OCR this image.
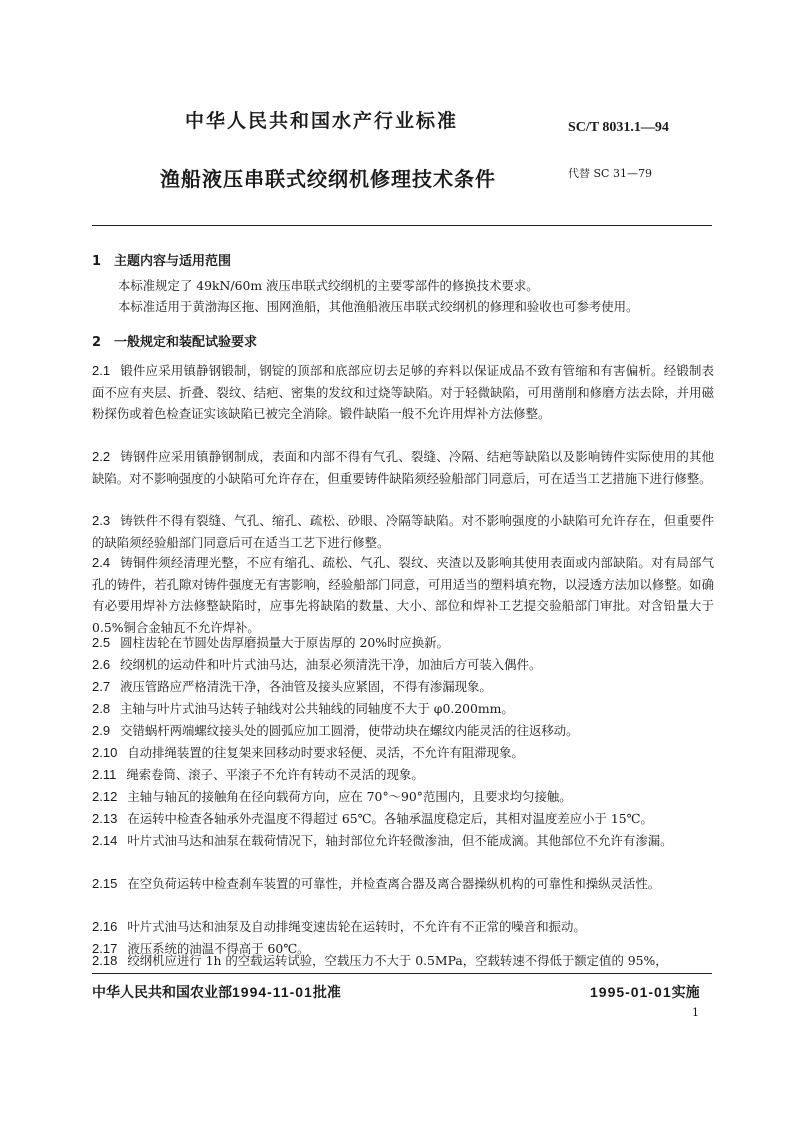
中华人民共和国水产行业标准	SC/T 8031.1—94
渔船液压串联式绞纲机修理技术条件	代替 SC 31—79
1 主题内容与适用范围
本标准规定了 49kN/60m 液压串联式绞纲机的主要零部件的修换技术要求。
本标准适用于黄渤海区拖、围网渔船，其他渔船液压串联式绞纲机的修理和验收也可参考使用。
2 一般规定和装配试验要求
2.1 锻件应采用镇静钢锻制，钢锭的顶部和底部应切去足够的弃料以保证成品不致有管缩和有害偏析。经锻制表面不应有夹层、折叠、裂纹、结疤、密集的发纹和过烧等缺陷。对于轻微缺陷，可用凿削和修磨方法去除，并用磁粉探伤或着色检查证实该缺陷已被完全消除。锻件缺陷一般不允许用焊补方法修整。
2.2 铸钢件应采用镇静钢制成，表面和内部不得有气孔、裂缝、冷隔、结疤等缺陷以及影响铸件实际使用的其他缺陷。对不影响强度的小缺陷可允许存在，但重要铸件缺陷须经验船部门同意后，可在适当工艺措施下进行修整。
2.3 铸铁件不得有裂缝、气孔、缩孔、疏松、砂眼、冷隔等缺陷。对不影响强度的小缺陷可允许存在，但重要件的缺陷须经验船部门同意后可在适当工艺下进行修整。
2.4 铸铜件须经清理光整，不应有缩孔、疏松、气孔、裂纹、夹渣以及影响其使用表面或内部缺陷。对有局部气孔的铸件，若孔隙对铸件强度无有害影响，经验船部门同意，可用适当的塑料填充物，以浸透方法加以修整。如确有必要用焊补方法修整缺陷时，应事先将缺陷的数量、大小、部位和焊补工艺提交验船部门审批。对含铅量大于 0.5%铜合金轴瓦不允许焊补。
2.5 圆柱齿轮在节圆处齿厚磨损量大于原齿厚的 20%时应换新。
2.6 绞纲机的运动件和叶片式油马达，油泵必须清洗干净，加油后方可装入偶件。
2.7 液压管路应严格清洗干净，各油管及接头应紧固，不得有渗漏现象。
2.8 主轴与叶片式油马达转子轴线对公共轴线的同轴度不大于 φ0.200mm。
2.9 交错蜗杆两端螺纹接头处的圆弧应加工圆滑，使带动块在螺纹内能灵活的往返移动。
2.10 自动排绳装置的往复架来回移动时要求轻便、灵活，不允许有阻滞现象。
2.11 绳索卷筒、滚子、平滚子不允许有转动不灵活的现象。
2.12 主轴与轴瓦的接触角在径向载荷方向，应在 70°～90°范围内，且要求均匀接触。
2.13 在运转中检查各轴承外壳温度不得超过 65℃。各轴承温度稳定后，其相对温度差应小于 15℃。
2.14 叶片式油马达和油泵在载荷情况下，轴封部位允许轻微渗油，但不能成滴。其他部位不允许有渗漏。
2.15 在空负荷运转中检查刹车装置的可靠性，并检查离合器及离合器操纵机构的可靠性和操纵灵活性。
2.16 叶片式油马达和油泵及自动排绳变速齿轮在运转时，不允许有不正常的噪音和振动。
2.17 液压系统的油温不得高于 60℃。
2.18 绞纲机应进行 1h 的空载运转试验，空载压力不大于 0.5MPa，空载转速不得低于额定值的 95%，
中华人民共和国农业部1994-11-01批准	1995-01-01实施
1
